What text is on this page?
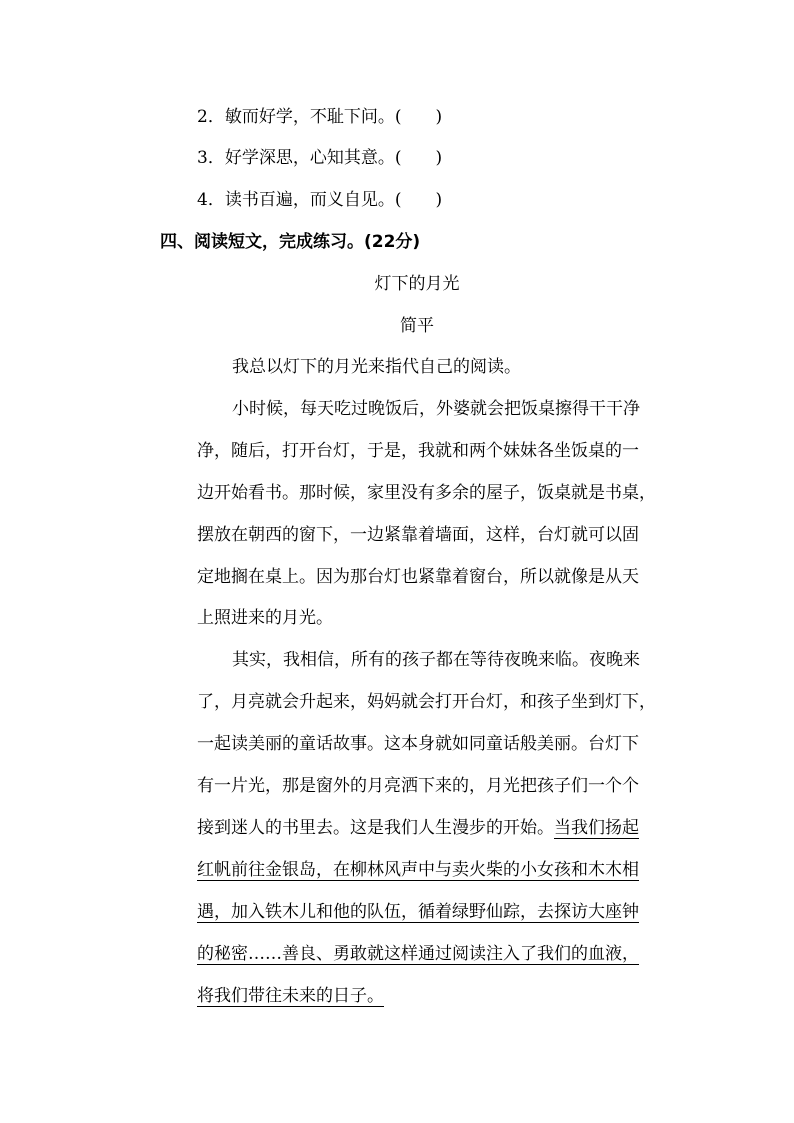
2．敏而好学，不耻下问。(　　)
3．好学深思，心知其意。(　　)
4．读书百遍，而义自见。(　　)
四、阅读短文，完成练习。(22分)
灯下的月光
简平
我总以灯下的月光来指代自己的阅读。
小时候，每天吃过晚饭后，外婆就会把饭桌擦得干干净
净，随后，打开台灯，于是，我就和两个妹妹各坐饭桌的一
边开始看书。那时候，家里没有多余的屋子，饭桌就是书桌，
摆放在朝西的窗下，一边紧靠着墙面，这样，台灯就可以固
定地搁在桌上。因为那台灯也紧靠着窗台，所以就像是从天
上照进来的月光。
其实，我相信，所有的孩子都在等待夜晚来临。夜晚来
了，月亮就会升起来，妈妈就会打开台灯，和孩子坐到灯下，
一起读美丽的童话故事。这本身就如同童话般美丽。台灯下
有一片光，那是窗外的月亮洒下来的，月光把孩子们一个个
接到迷人的书里去。这是我们人生漫步的开始。当我们扬起
红帆前往金银岛，在柳林风声中与卖火柴的小女孩和木木相
遇，加入铁木儿和他的队伍，循着绿野仙踪，去探访大座钟
的秘密……善良、勇敢就这样通过阅读注入了我们的血液，
将我们带往未来的日子。
